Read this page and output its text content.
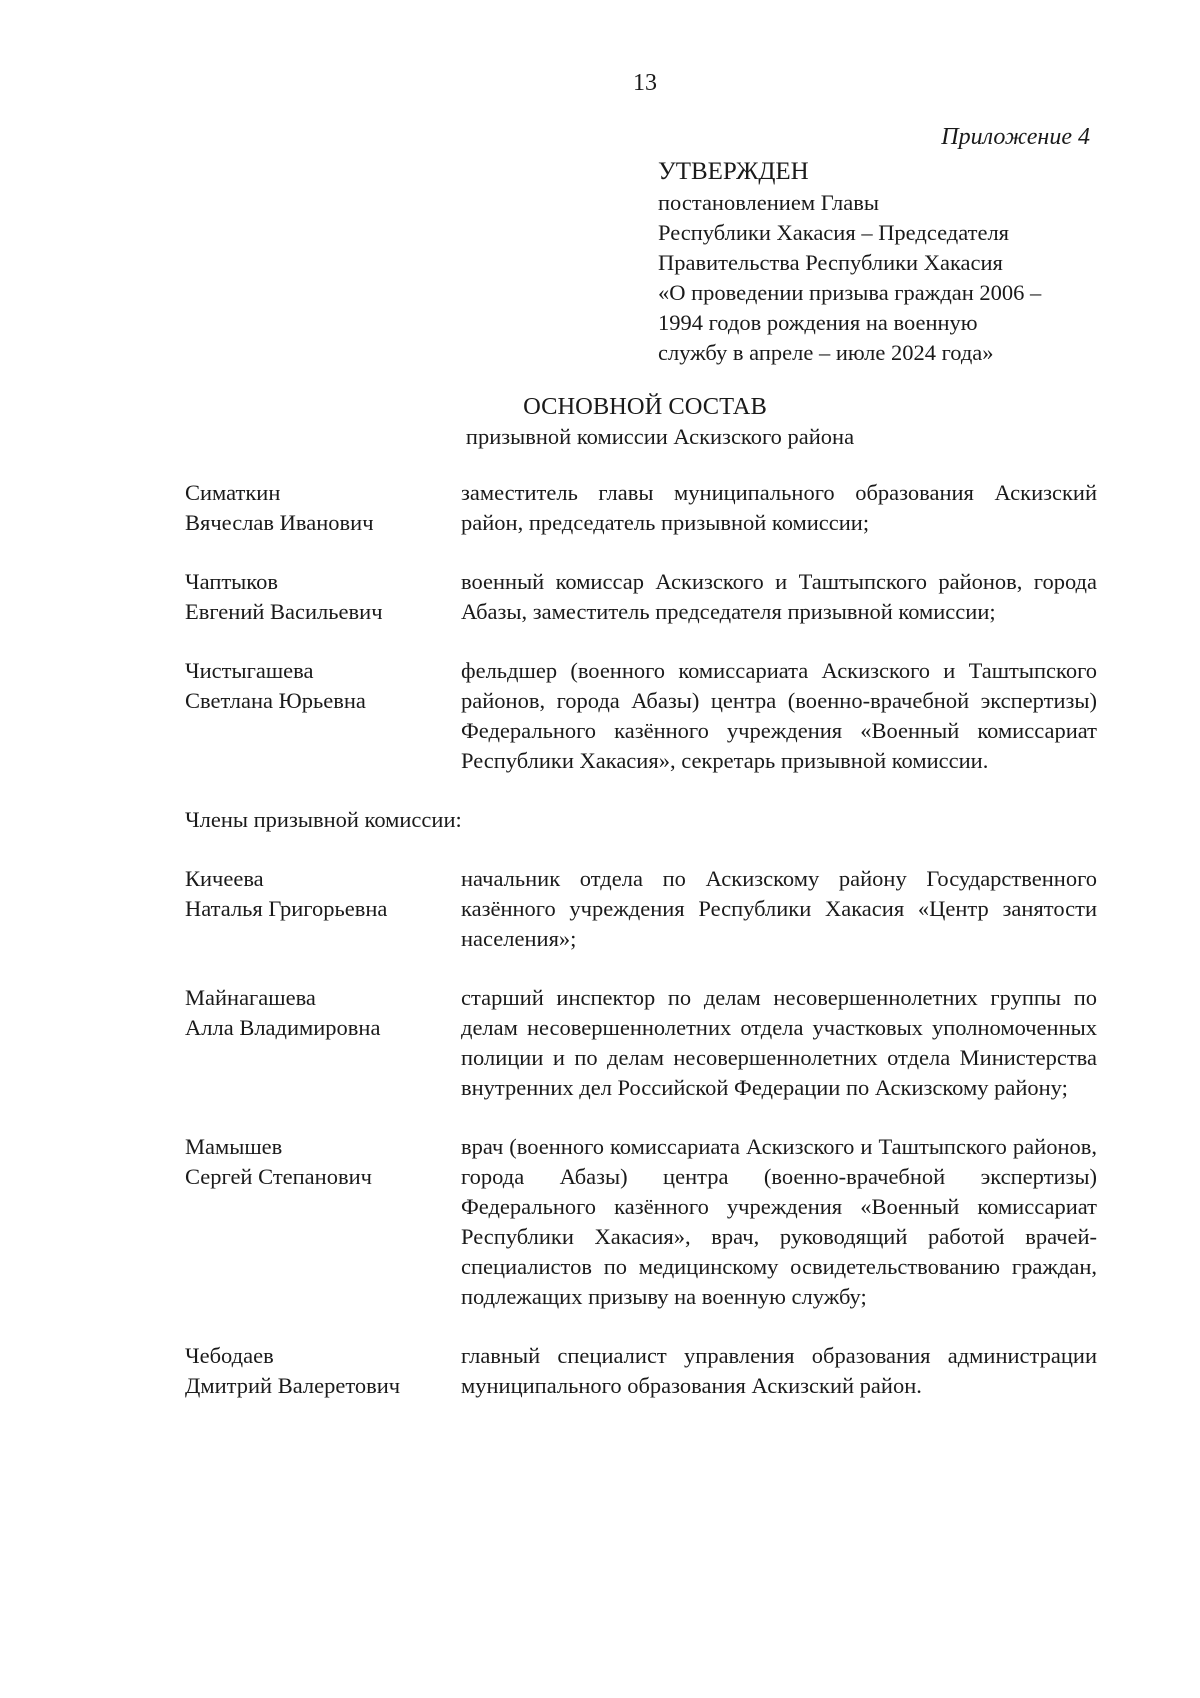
13
Приложение 4
УТВЕРЖДЕН
постановлением Главы
Республики Хакасия – Председателя
Правительства Республики Хакасия
«О проведении призыва граждан 2006 –
1994 годов рождения на военную
службу в апреле – июле 2024 года»
ОСНОВНОЙ СОСТАВ
призывной комиссии Аскизского района
Симаткин
Вячеслав Иванович
заместитель главы муниципального образования Аскизский район, председатель призывной комиссии;
Чаптыков
Евгений Васильевич
военный комиссар Аскизского и Таштыпского районов, города Абазы, заместитель председателя призывной комиссии;
Чистыгашева
Светлана Юрьевна
фельдшер (военного комиссариата Аскизского и Таштыпского районов, города Абазы) центра (военно-врачебной экспертизы) Федерального казённого учреждения «Военный комиссариат Республики Хакасия», секретарь призывной комиссии.
Члены призывной комиссии:
Кичеева
Наталья Григорьевна
начальник отдела по Аскизскому району Государственного казённого учреждения Республики Хакасия «Центр занятости населения»;
Майнагашева
Алла Владимировна
старший инспектор по делам несовершеннолетних группы по делам несовершеннолетних отдела участковых уполномоченных полиции и по делам несовершеннолетних отдела Министерства внутренних дел Российской Федерации по Аскизскому району;
Мамышев
Сергей Степанович
врач (военного комиссариата Аскизского и Таштыпского районов, города Абазы) центра (военно-врачебной экспертизы) Федерального казённого учреждения «Военный комиссариат Республики Хакасия», врач, руководящий работой врачей-специалистов по медицинскому освидетельствованию граждан, подлежащих призыву на военную службу;
Чебодаев
Дмитрий Валеретович
главный специалист управления образования администрации муниципального образования Аскизский район.
